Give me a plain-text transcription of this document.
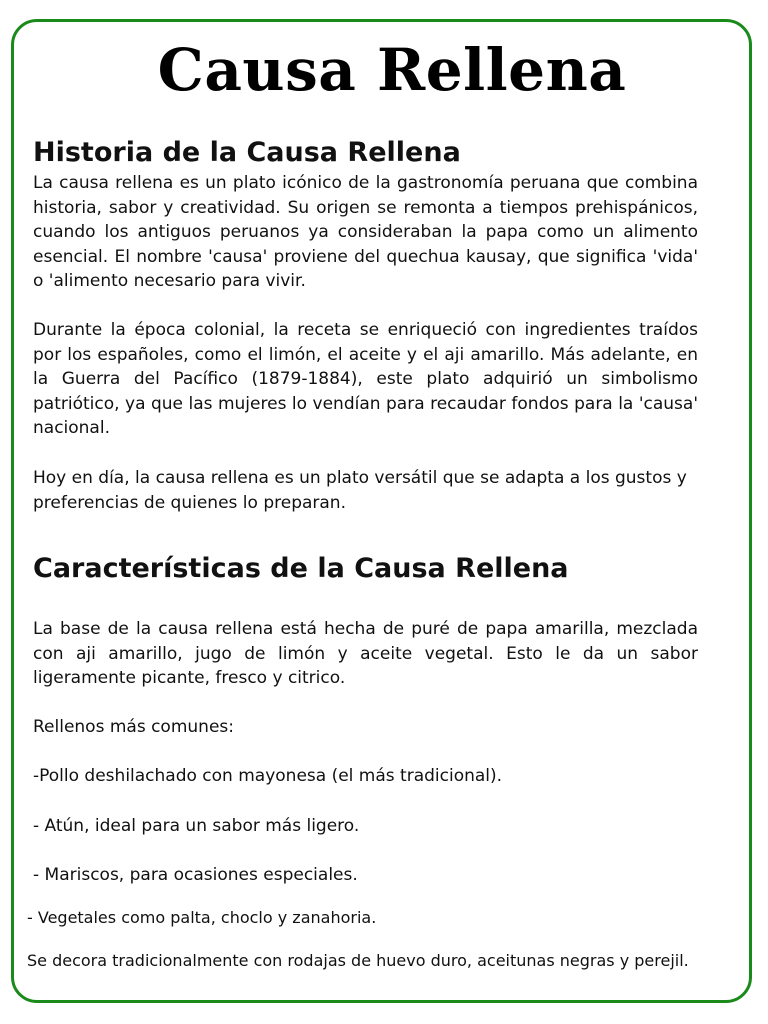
Causa Rellena
Historia de la Causa Rellena
La causa rellena es un plato icónico de la gastronomía peruana que combina historia, sabor y creatividad. Su origen se remonta a tiempos prehispánicos, cuando los antiguos peruanos ya consideraban la papa como un alimento esencial. El nombre 'causa' proviene del quechua kausay, que significa 'vida' o 'alimento necesario para vivir.
Durante la época colonial, la receta se enriqueció con ingredientes traídos por los españoles, como el limón, el aceite y el aji amarillo. Más adelante, en la Guerra del Pacífico (1879-1884), este plato adquirió un simbolismo patriótico, ya que las mujeres lo vendían para recaudar fondos para la 'causa' nacional.
Hoy en día, la causa rellena es un plato versátil que se adapta a los gustos y preferencias de quienes lo preparan.
Características de la Causa Rellena
La base de la causa rellena está hecha de puré de papa amarilla, mezclada con aji amarillo, jugo de limón y aceite vegetal. Esto le da un sabor ligeramente picante, fresco y citrico.
Rellenos más comunes:
-Pollo deshilachado con mayonesa (el más tradicional).
- Atún, ideal para un sabor más ligero.
- Mariscos, para ocasiones especiales.
- Vegetales como palta, choclo y zanahoria.
Se decora tradicionalmente con rodajas de huevo duro, aceitunas negras y perejil.
